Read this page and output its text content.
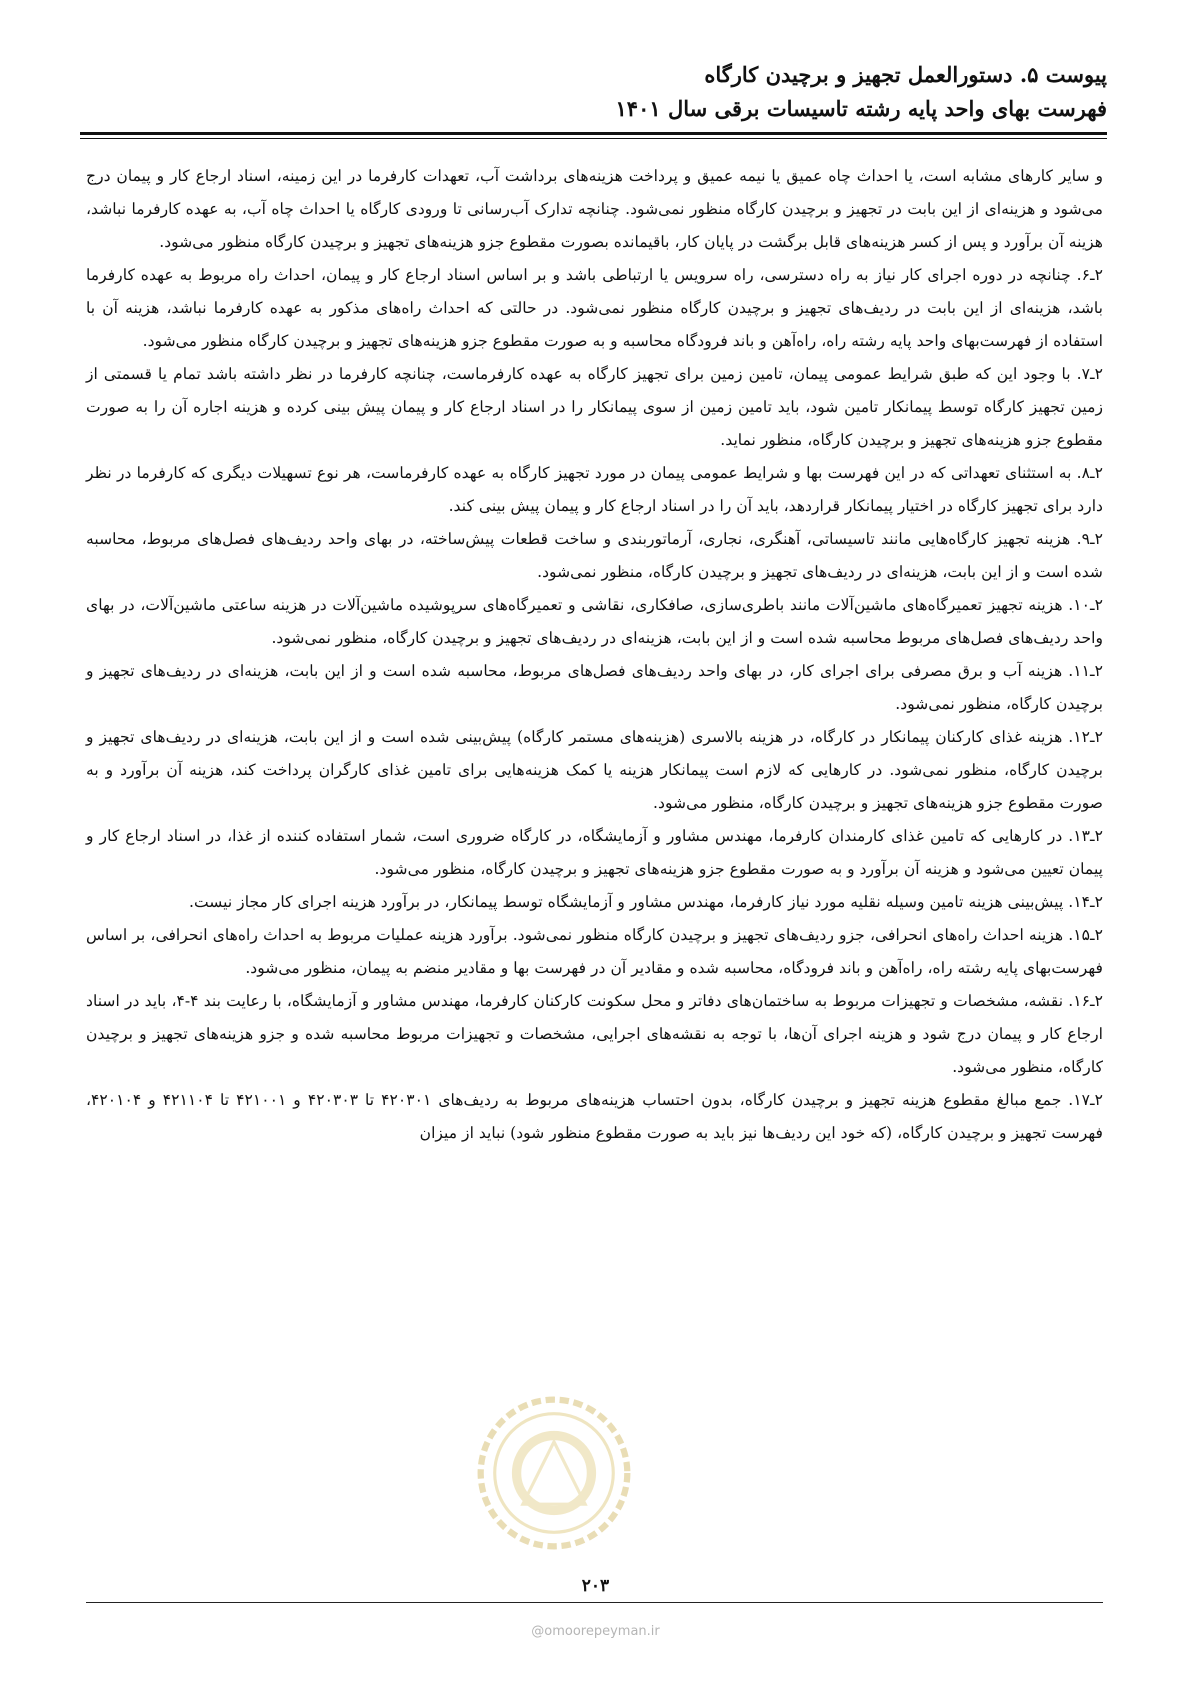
پیوست ۵. دستورالعمل تجهیز و برچیدن کارگاه
فهرست بهای واحد پایه رشته تاسیسات برقی سال ۱۴۰۱

و سایر کارهای مشابه است، یا احداث چاه عمیق یا نیمه عمیق و پرداخت هزینه‌های برداشت آب، تعهدات کارفرما در این زمینه، اسناد ارجاع کار و پیمان درج می‌شود و هزینه‌ای از این بابت در تجهیز و برچیدن کارگاه منظور نمی‌شود. چنانچه تدارک آب‌رسانی تا ورودی کارگاه یا احداث چاه آب، به عهده کارفرما نباشد، هزینه آن برآورد و پس از کسر هزینه‌های قابل برگشت در پایان کار، باقیمانده بصورت مقطوع جزو هزینه‌های تجهیز و برچیدن کارگاه منظور می‌شود.

۲ـ۶. چنانچه در دوره اجرای کار نیاز به راه دسترسی، راه سرویس یا ارتباطی باشد و بر اساس اسناد ارجاع کار و پیمان، احداث راه مربوط به عهده کارفرما باشد، هزینه‌ای از این بابت در ردیف‌های تجهیز و برچیدن کارگاه منظور نمی‌شود. در حالتی که احداث راه‌های مذکور به عهده کارفرما نباشد، هزینه آن با استفاده از فهرست‌بهای واحد پایه رشته راه، راه‌آهن و باند فرودگاه محاسبه و به صورت مقطوع جزو هزینه‌های تجهیز و برچیدن کارگاه منظور می‌شود.

۲ـ۷. با وجود این که طبق شرایط عمومی پیمان، تامین زمین برای تجهیز کارگاه به عهده کارفرماست، چنانچه کارفرما در نظر داشته باشد تمام یا قسمتی از زمین تجهیز کارگاه توسط پیمانکار تامین شود، باید تامین زمین از سوی پیمانکار را در اسناد ارجاع کار و پیمان پیش بینی کرده و هزینه اجاره آن را به صورت مقطوع جزو هزینه‌های تجهیز و برچیدن کارگاه، منظور نماید.

۲ـ۸. به استثنای تعهداتی که در این فهرست بها و شرایط عمومی پیمان در مورد تجهیز کارگاه به عهده کارفرماست، هر نوع تسهیلات دیگری که کارفرما در نظر دارد برای تجهیز کارگاه در اختیار پیمانکار قراردهد، باید آن را در اسناد ارجاع کار و پیمان پیش بینی کند.

۲ـ۹. هزینه تجهیز کارگاه‌هایی مانند تاسیساتی، آهنگری، نجاری، آرماتوربندی و ساخت قطعات پیش‌ساخته، در بهای واحد ردیف‌های فصل‌های مربوط، محاسبه شده است و از این بابت، هزینه‌ای در ردیف‌های تجهیز و برچیدن کارگاه، منظور نمی‌شود.

۲ـ۱۰. هزینه تجهیز تعمیرگاه‌های ماشین‌آلات مانند باطری‌سازی، صافکاری، نقاشی و تعمیرگاه‌های سرپوشیده ماشین‌آلات در هزینه ساعتی ماشین‌آلات، در بهای واحد ردیف‌های فصل‌های مربوط محاسبه شده است و از این بابت، هزینه‌ای در ردیف‌های تجهیز و برچیدن کارگاه، منظور نمی‌شود.

۲ـ۱۱. هزینه آب و برق مصرفی برای اجرای کار، در بهای واحد ردیف‌های فصل‌های مربوط، محاسبه شده است و از این بابت، هزینه‌ای در ردیف‌های تجهیز و برچیدن کارگاه، منظور نمی‌شود.

۲ـ۱۲. هزینه غذای کارکنان پیمانکار در کارگاه، در هزینه بالاسری (هزینه‌های مستمر کارگاه) پیش‌بینی شده است و از این بابت، هزینه‌ای در ردیف‌های تجهیز و برچیدن کارگاه، منظور نمی‌شود. در کارهایی که لازم است پیمانکار هزینه یا کمک هزینه‌هایی برای تامین غذای کارگران پرداخت کند، هزینه آن برآورد و به صورت مقطوع جزو هزینه‌های تجهیز و برچیدن کارگاه، منظور می‌شود.

۲ـ۱۳. در کارهایی که تامین غذای کارمندان کارفرما، مهندس مشاور و آزمایشگاه، در کارگاه ضروری است، شمار استفاده کننده از غذا، در اسناد ارجاع کار و پیمان تعیین می‌شود و هزینه آن برآورد و به صورت مقطوع جزو هزینه‌های تجهیز و برچیدن کارگاه، منظور می‌شود.

۲ـ۱۴. پیش‌بینی هزینه تامین وسیله نقلیه مورد نیاز کارفرما، مهندس مشاور و آزمایشگاه توسط پیمانکار، در برآورد هزینه اجرای کار مجاز نیست.

۲ـ۱۵. هزینه احداث راه‌های انحرافی، جزو ردیف‌های تجهیز و برچیدن کارگاه منظور نمی‌شود. برآورد هزینه عملیات مربوط به احداث راه‌های انحرافی، بر اساس فهرست‌بهای پایه رشته راه، راه‌آهن و باند فرودگاه، محاسبه شده و مقادیر آن در فهرست بها و مقادیر منضم به پیمان، منظور می‌شود.

۲ـ۱۶. نقشه، مشخصات و تجهیزات مربوط به ساختمان‌های دفاتر و محل سکونت کارکنان کارفرما، مهندس مشاور و آزمایشگاه، با رعایت بند ۴-۴، باید در اسناد ارجاع کار و پیمان درج شود و هزینه اجرای آن‌ها، با توجه به نقشه‌های اجرایی، مشخصات و تجهیزات مربوط محاسبه شده و جزو هزینه‌های تجهیز و برچیدن کارگاه، منظور می‌شود.

۲ـ۱۷. جمع مبالغ مقطوع هزینه تجهیز و برچیدن کارگاه، بدون احتساب هزینه‌های مربوط به ردیف‌های ۴۲۰۳۰۱ تا ۴۲۰۳۰۳ و ۴۲۱۰۰۱ تا ۴۲۱۱۰۴ و ۴۲۰۱۰۴، فهرست تجهیز و برچیدن کارگاه، (که خود این ردیف‌ها نیز باید به صورت مقطوع منظور شود) نباید از میزان

۲۰۳
@omoorepeyman.ir
